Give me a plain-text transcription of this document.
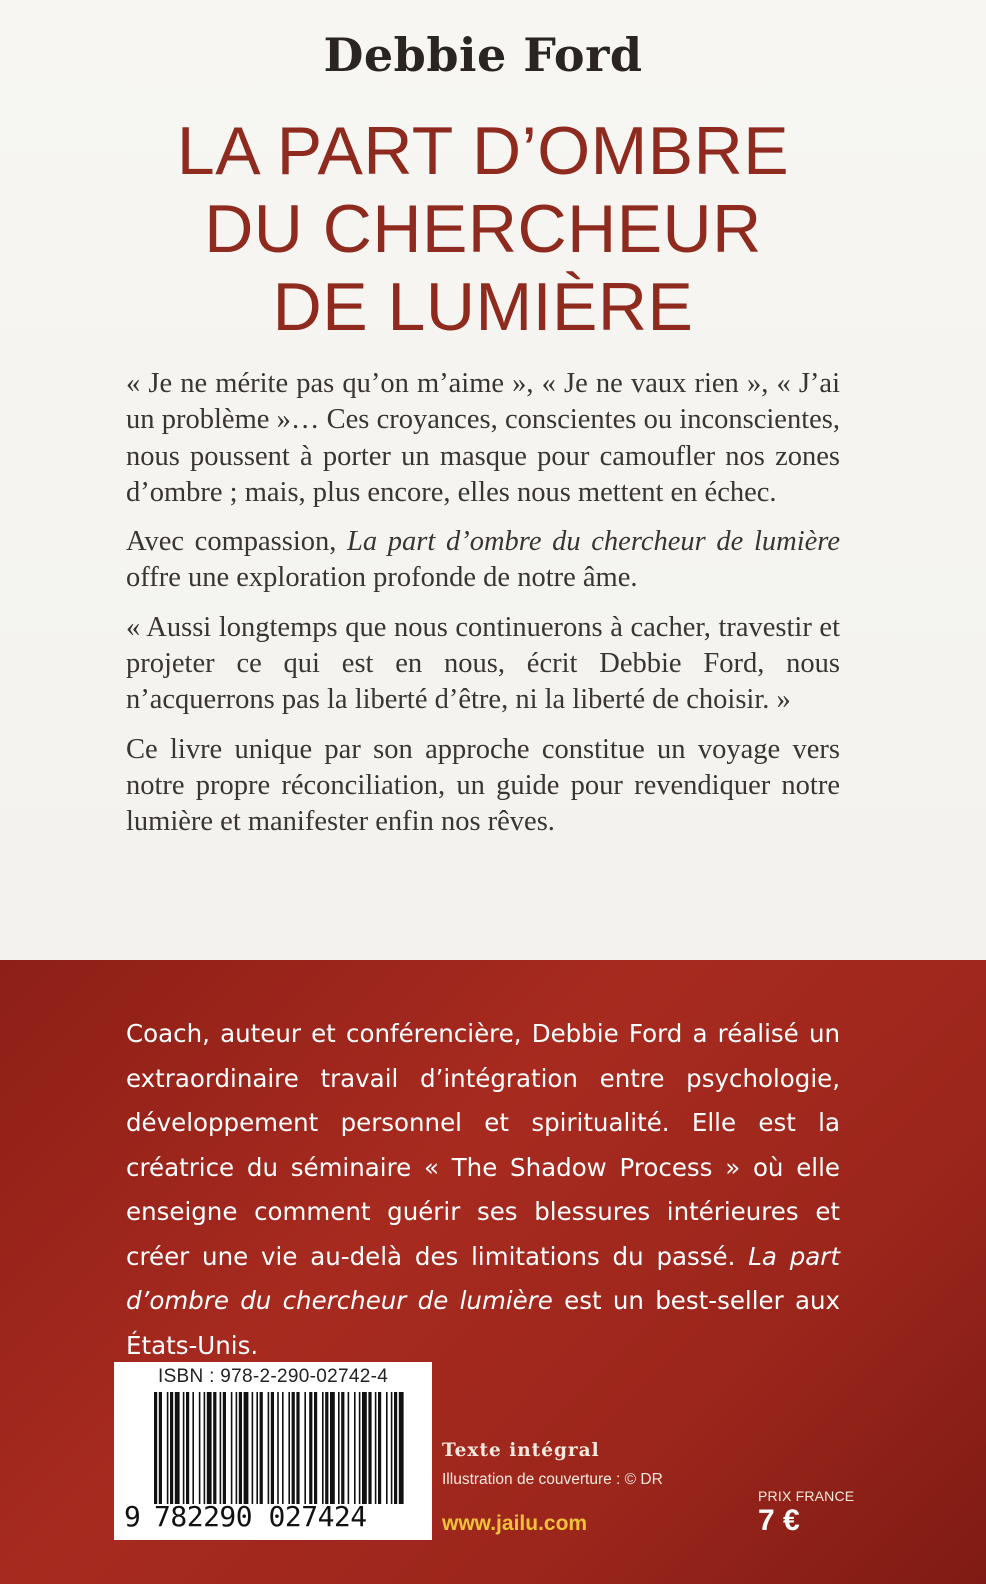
Debbie Ford
LA PART D’OMBRE
DU CHERCHEUR
DE LUMIÈRE

« Je ne mérite pas qu’on m’aime », « Je ne vaux rien », « J’ai un problème »… Ces croyances, conscientes ou inconscientes, nous poussent à porter un masque pour camoufler nos zones d’ombre ; mais, plus encore, elles nous mettent en échec.

Avec compassion, La part d’ombre du chercheur de lumière offre une exploration profonde de notre âme.

« Aussi longtemps que nous continuerons à cacher, travestir et projeter ce qui est en nous, écrit Debbie Ford, nous n’acquerrons pas la liberté d’être, ni la liberté de choisir. »

Ce livre unique par son approche constitue un voyage vers notre propre réconciliation, un guide pour revendiquer notre lumière et manifester enfin nos rêves.

Coach, auteur et conférencière, Debbie Ford a réalisé un extraordinaire travail d’intégration entre psychologie, développement personnel et spiritualité. Elle est la créatrice du séminaire « The Shadow Process » où elle enseigne comment guérir ses blessures intérieures et créer une vie au-delà des limitations du passé. La part d’ombre du chercheur de lumière est un best-seller aux États-Unis.

ISBN : 978-2-290-02742-4
9 782290 027424
Texte intégral
Illustration de couverture : © DR
www.jailu.com
PRIX FRANCE
7 €
